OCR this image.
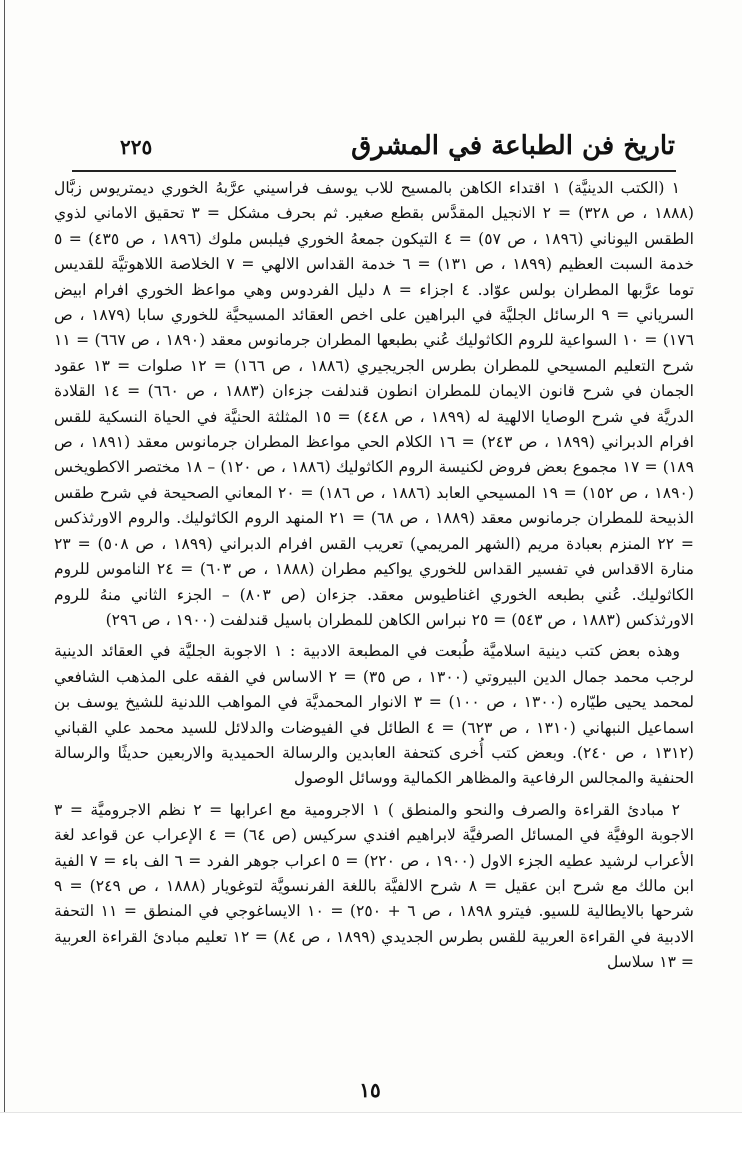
تاريخ فن الطباعة في المشرق
٢٢٥

١ (الكتب الدينيَّة) ١ اقتداء الكاهن بالمسيح للاب يوسف فراسيني عرَّبهُ الخوري ديمتريوس زبَّال (١٨٨٨ ، ص ٣٢٨) = ٢ الانجيل المقدَّس بقطع صغير. ثم بحرف مشكل = ٣ تحقيق الاماني لذوي الطقس اليوناني (١٨٩٦ ، ص ٥٧) = ٤ التيكون جمعهُ الخوري فيلبس ملوك (١٨٩٦ ، ص ٤٣٥) = ٥ خدمة السبت العظيم (١٨٩٩ ، ص ١٣١) = ٦ خدمة القداس الالهي = ٧ الخلاصة اللاهوتيَّة للقديس توما عرَّبها المطران بولس عوّاد. ٤ اجزاء = ٨ دليل الفردوس وهي مواعظ الخوري افرام ابيض السرياني = ٩ الرسائل الجليَّة في البراهين على اخص العقائد المسيحيَّة للخوري سابا (١٨٧٩ ، ص ١٧٦) = ١٠ السواعية للروم الكاثوليك عُني بطبعها المطران جرمانوس معقد (١٨٩٠ ، ص ٦٦٧) = ١١ شرح التعليم المسيحي للمطران بطرس الجريجيري (١٨٨٦ ، ص ١٦٦) = ١٢ صلوات = ١٣ عقود الجمان في شرح قانون الايمان للمطران انطون قندلفت جزءان (١٨٨٣ ، ص ٦٦٠) = ١٤ القلادة الدريَّة في شرح الوصايا الالهية له (١٨٩٩ ، ص ٤٤٨) = ١٥ المثلثة الحنيَّة في الحياة النسكية للقس افرام الدبراني (١٨٩٩ ، ص ٢٤٣) = ١٦ الكلام الحي مواعظ المطران جرمانوس معقد (١٨٩١ ، ص ١٨٩) = ١٧ مجموع بعض فروض لكنيسة الروم الكاثوليك (١٨٨٦ ، ص ١٢٠) – ١٨ مختصر الاكطويخس (١٨٩٠ ، ص ١٥٢) = ١٩ المسيحي العابد (١٨٨٦ ، ص ١٨٦) = ٢٠ المعاني الصحيحة في شرح طقس الذبيحة للمطران جرمانوس معقد (١٨٨٩ ، ص ٦٨) = ٢١ المنهد الروم الكاثوليك. والروم الاورثذكس = ٢٢ المنزم بعبادة مريم (الشهر المريمي) تعريب القس افرام الدبراني (١٨٩٩ ، ص ٥٠٨) = ٢٣ منارة الاقداس في تفسير القداس للخوري يواكيم مطران (١٨٨٨ ، ص ٦٠٣) = ٢٤ الناموس للروم الكاثوليك. عُني بطبعه الخوري اغناطيوس معقد. جزءان (ص ٨٠٣) – الجزء الثاني منهُ للروم الاورثذكس (١٨٨٣ ، ص ٥٤٣) = ٢٥ نبراس الكاهن للمطران باسيل قندلفت (١٩٠٠ ، ص ٢٩٦)

وهذه بعض كتب دينية اسلاميَّة طُبعت في المطبعة الادبية : ١ الاجوبة الجليَّة في العقائد الدينية لرجب محمد جمال الدين البيروتي (١٣٠٠ ، ص ٣٥) = ٢ الاساس في الفقه على المذهب الشافعي لمحمد يحيى طيّاره (١٣٠٠ ، ص ١٠٠) = ٣ الانوار المحمديَّة في المواهب اللدنية للشيخ يوسف بن اسماعيل النبهاني (١٣١٠ ، ص ٦٢٣) = ٤ الطائل في الفيوضات والدلائل للسيد محمد علي القباني (١٣١٢ ، ص ٢٤٠). وبعض كتب أُخرى كتحفة العابدين والرسالة الحميدية والاربعين حديثًا والرسالة الحنفية والمجالس الرفاعية والمظاهر الكمالية ووسائل الوصول

٢ مبادئ القراءة والصرف والنحو والمنطق ) ١ الاجرومية مع اعرابها = ٢ نظم الاجروميَّة = ٣ الاجوبة الوفيَّة في المسائل الصرفيَّة لابراهيم افندي سركيس (ص ٦٤) = ٤ الإعراب عن قواعد لغة الأعراب لرشيد عطيه الجزء الاول (١٩٠٠ ، ص ٢٢٠) = ٥ اعراب جوهر الفرد = ٦ الف باء = ٧ الفية ابن مالك مع شرح ابن عقيل = ٨ شرح الالفيَّة باللغة الفرنسويَّة لتوغويار (١٨٨٨ ، ص ٢٤٩) = ٩ شرحها بالايطالية للسيو. فيترو ١٨٩٨ ، ص ٦ + ٢٥٠) = ١٠ الايساغوجي في المنطق = ١١ التحفة الادبية في القراءة العربية للقس بطرس الجديدي (١٨٩٩ ، ص ٨٤) = ١٢ تعليم مبادئ القراءة العربية = ١٣ سلاسل

١٥
